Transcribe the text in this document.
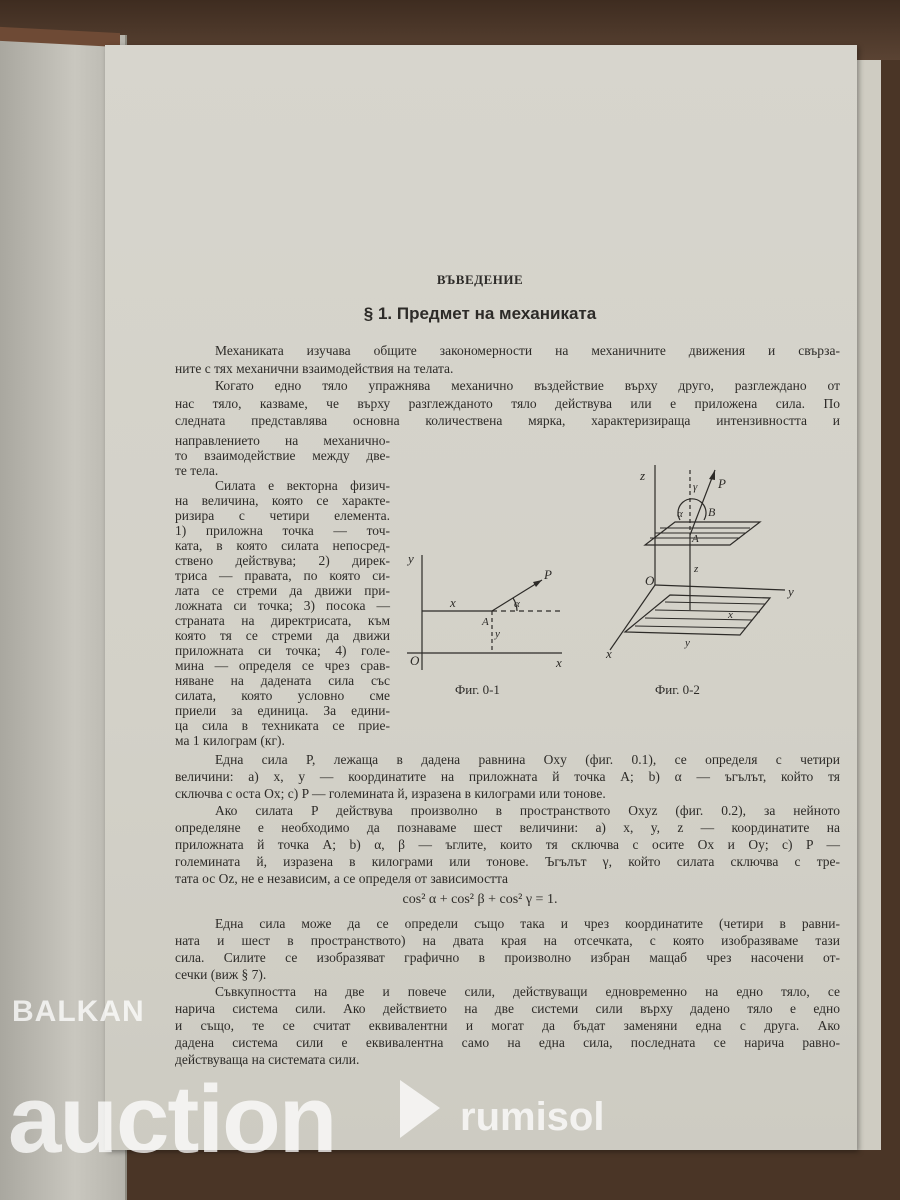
ВЪВЕДЕНИЕ
§ 1. Предмет на механиката
Механиката изучава общите закономерности на механичните движения и свърза-
ните с тях механични взаимодействия на телата.
Когато едно тяло упражнява механично въздействие върху друго, разглеждано от
нас тяло, казваме, че върху разглежданото тяло действува или е приложена сила. По
следната представлява основна количествена мярка, характеризираща интензивността и
направлението на механично-
то взаимодействие между две-
те тела.
Силата е векторна физич-
на величина, която се характе-
ризира с четири елемента.
1) приложна точка — точ-
ката, в която силата непосред-
ствено действува; 2) дирек-
триса — правата, по която си-
лата се стреми да движи при-
ложната си точка; 3) посока —
страната на директрисата, към
която тя се стреми да движи
приложната си точка; 4) голе-
мина — определя се чрез срав-
няване на дадената сила със
силата, която условно сме
приели за единица. За едини-
ца сила в техниката се прие-
ма 1 килограм (кг).
Една сила P, лежаща в дадена равнина Oxy (фиг. 0.1), се определя с четири
величини: a) x, y — координатите на приложната й точка A; b) α — ъгълът, който тя
сключва с оста Ox; c) P — големината й, изразена в килограми или тонове.
Ако силата P действува произволно в пространството Oxyz (фиг. 0.2), за нейното
определяне е необходимо да познаваме шест величини: a) x, y, z — координатите на
приложната й точка A; b) α, β — ъглите, които тя сключва с осите Ox и Oy; c) P —
големината й, изразена в килограми или тонове. Ъгълът γ, който силата сключва с тре-
тата ос Oz, не е независим, а се определя от зависимостта
cos² α + cos² β + cos² γ = 1.
Една сила може да се определи също така и чрез координатите (четири в равни-
ната и шест в пространството) на двата края на отсечката, с която изобразяваме тази
сила. Силите се изобразяват графично в произволно избран мащаб чрез насочени от-
сечки (виж § 7).
Съвкупността на две и повече сили, действуващи едновременно на едно тяло, се
нарича система сили. Ако действието на две системи сили върху дадено тяло е едно
и също, те се считат еквивалентни и могат да бъдат заменяни една с друга. Ако
дадена система сили е еквивалентна само на една сила, последната се нарича равно-
действуваща на системата сили.
y
x
A
P
α
y
O	x
Фиг. 0-1
z
P
γ
α B
A
O
z
y
x
y
x
Фиг. 0-2
BALKAN
auction	rumisol
